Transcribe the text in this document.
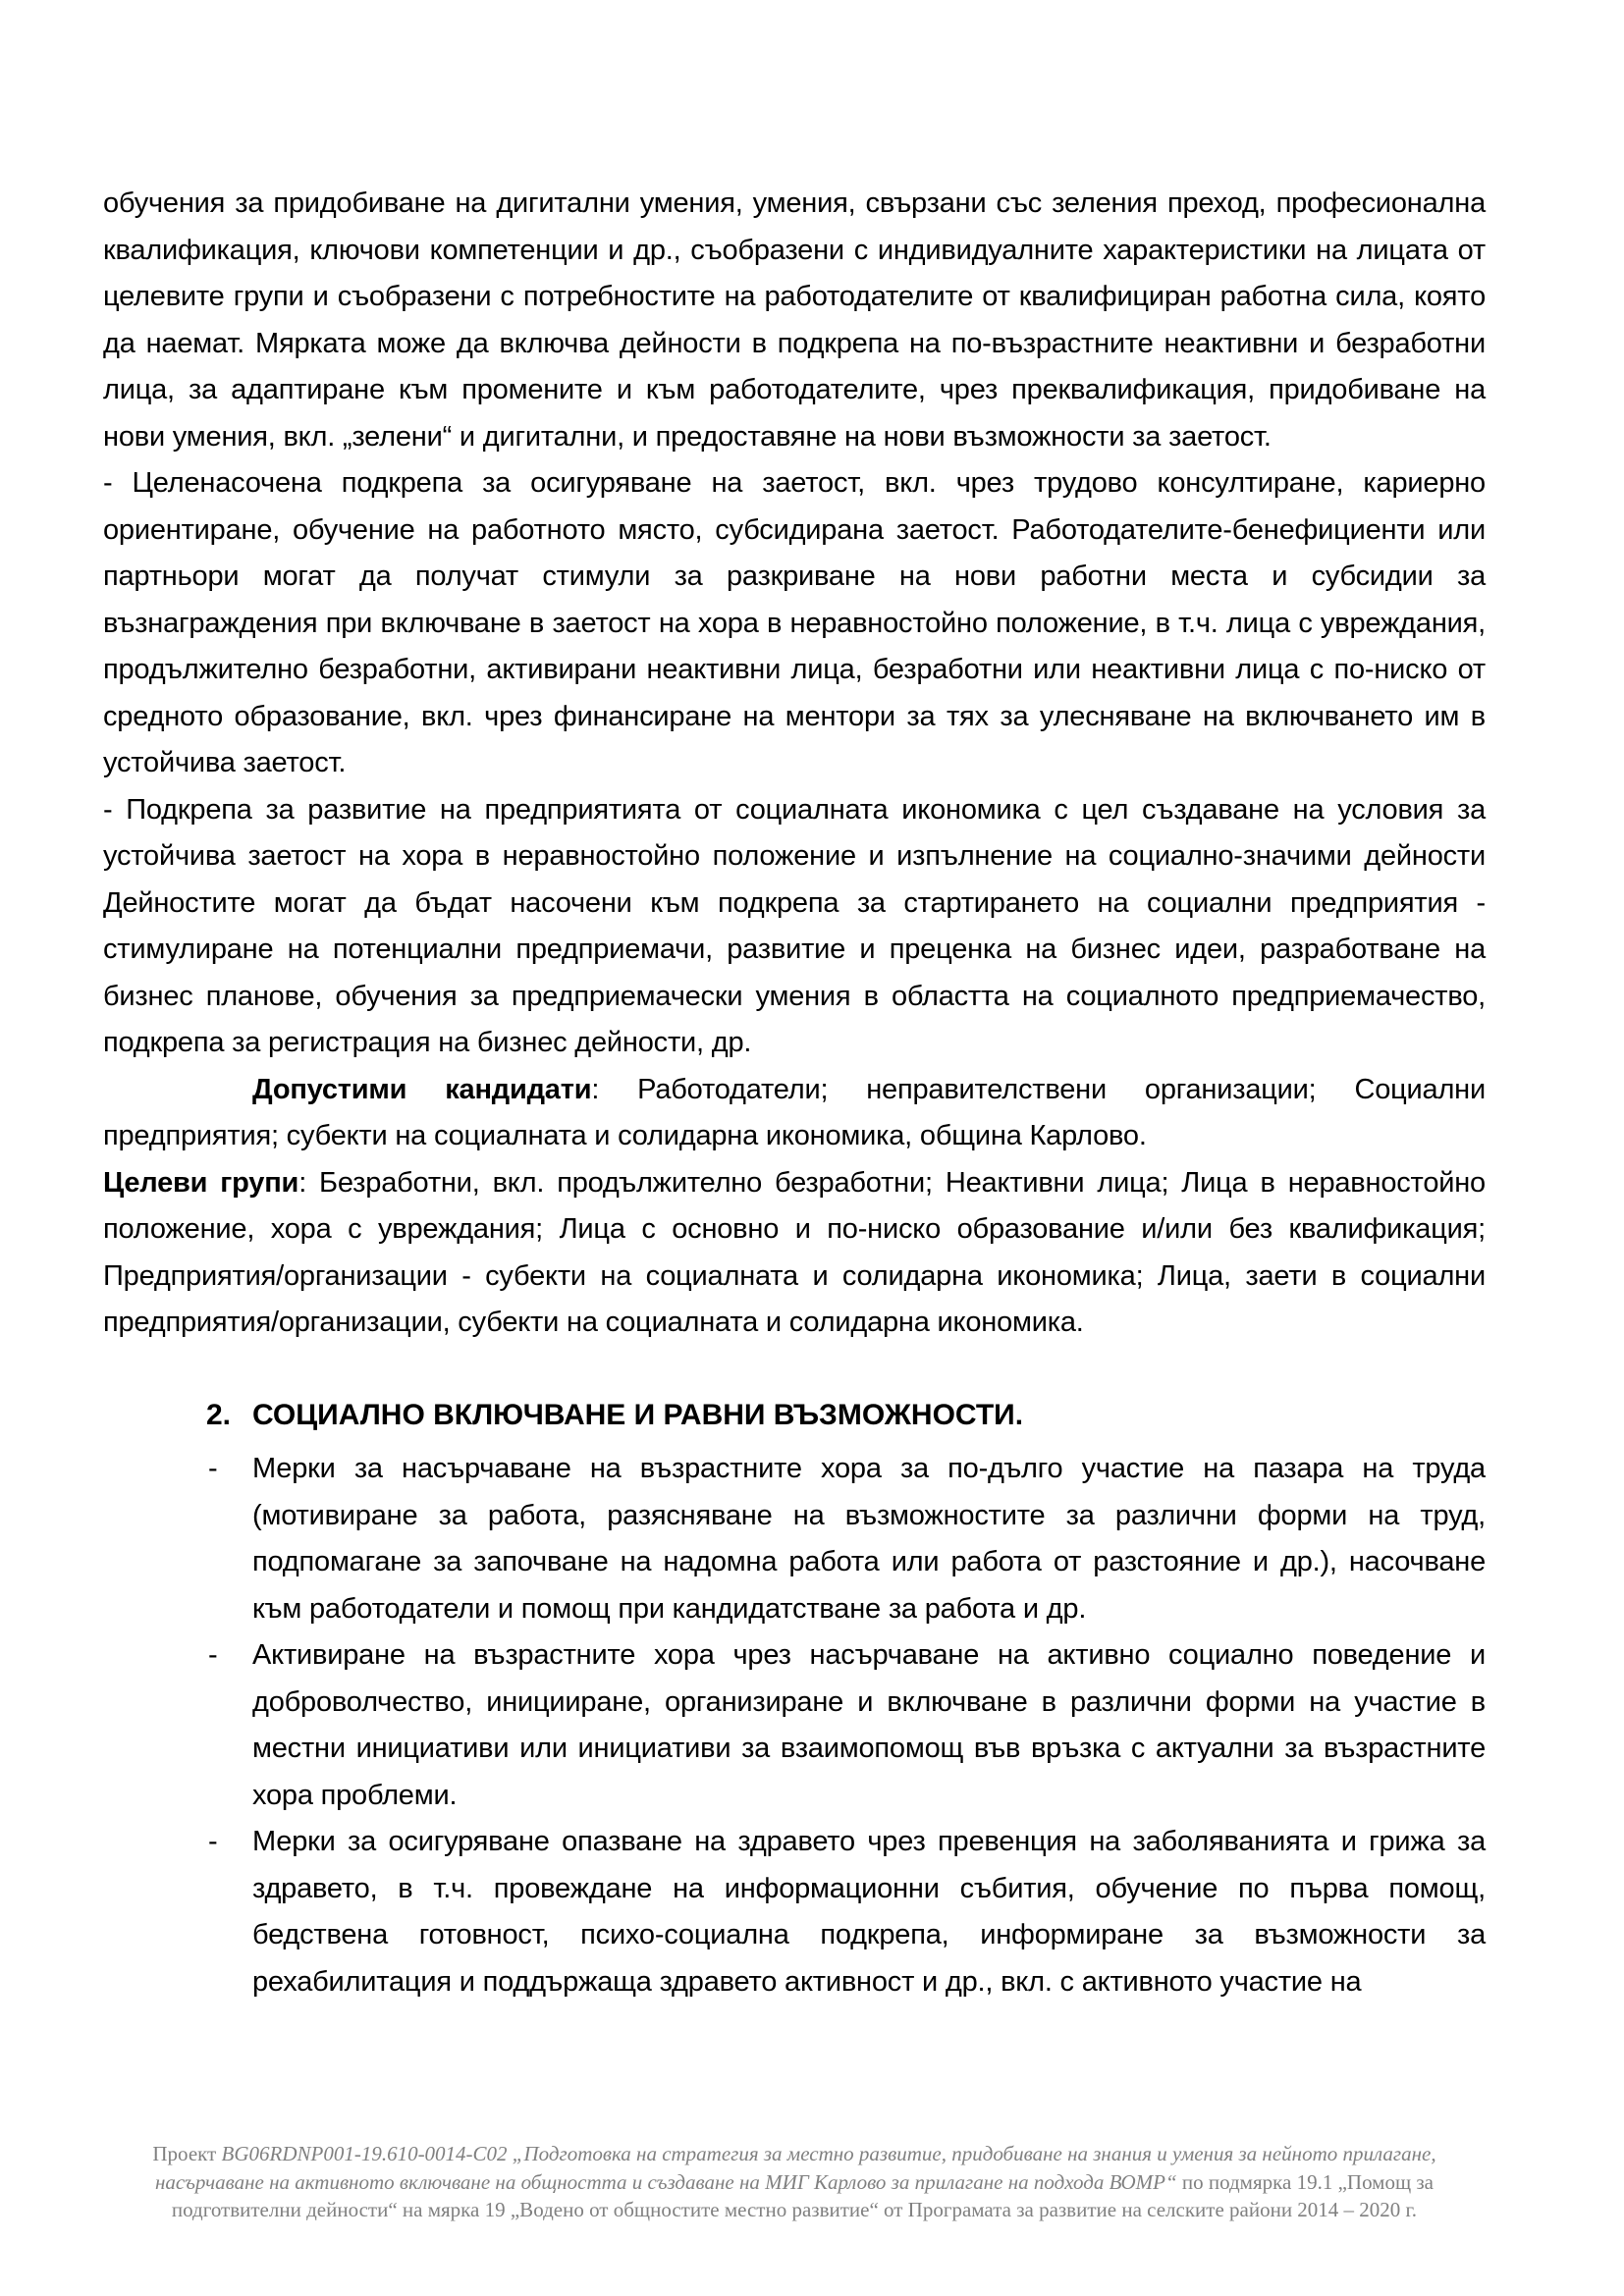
обучения за придобиване на дигитални умения, умения, свързани със зеления преход, професионална квалификация, ключови компетенции и др., съобразени с индивидуалните характеристики на лицата от целевите групи и съобразени с потребностите на работодателите от квалифициран работна сила, която да наемат. Мярката може да включва дейности в подкрепа на по-възрастните неактивни и безработни лица, за адаптиране към промените и към работодателите, чрез преквалификация, придобиване на нови умения, вкл. „зелени“ и дигитални, и предоставяне на нови възможности за заетост.

- Целенасочена подкрепа за осигуряване на заетост, вкл. чрез трудово консултиране, кариерно ориентиране, обучение на работното място, субсидирана заетост. Работодателите-бенефициенти или партньори могат да получат стимули за разкриване на нови работни места и субсидии за възнаграждения при включване в заетост на хора в неравностойно положение, в т.ч. лица с увреждания, продължително безработни, активирани неактивни лица, безработни или неактивни лица с по-ниско от средното образование, вкл. чрез финансиране на ментори за тях за улесняване на включването им в устойчива заетост.

- Подкрепа за развитие на предприятията от социалната икономика с цел създаване на условия за устойчива заетост на хора в неравностойно положение и изпълнение на социално-значими дейности Дейностите могат да бъдат насочени към подкрепа за стартирането на социални предприятия - стимулиране на потенциални предприемачи, развитие и преценка на бизнес идеи, разработване на бизнес планове, обучения за предприемачески умения в областта на социалното предприемачество, подкрепа за регистрация на бизнес дейности, др.

Допустими кандидати: Работодатели; неправителствени организации; Социални предприятия; субекти на социалната и солидарна икономика, община Карлово.

Целеви групи: Безработни, вкл. продължително безработни; Неактивни лица; Лица в неравностойно положение, хора с увреждания; Лица с основно и по-ниско образование и/или без квалификация; Предприятия/организации - субекти на социалната и солидарна икономика; Лица, заети в социални предприятия/организации, субекти на социалната и солидарна икономика.

2. СОЦИАЛНО ВКЛЮЧВАНЕ И РАВНИ ВЪЗМОЖНОСТИ.
- Мерки за насърчаване на възрастните хора за по-дълго участие на пазара на труда (мотивиране за работа, разясняване на възможностите за различни форми на труд, подпомагане за започване на надомна работа или работа от разстояние и др.), насочване към работодатели и помощ при кандидатстване за работа и др.
- Активиране на възрастните хора чрез насърчаване на активно социално поведение и доброволчество, иницииране, организиране и включване в различни форми на участие в местни инициативи или инициативи за взаимопомощ във връзка с актуални за възрастните хора проблеми.
- Мерки за осигуряване опазване на здравето чрез превенция на заболяванията и грижа за здравето, в т.ч. провеждане на информационни събития, обучение по първа помощ, бедствена готовност, психо-социална подкрепа, информиране за възможности за рехабилитация и поддържаща здравето активност и др., вкл. с активното участие на
Проект BG06RDNP001-19.610-0014-C02 „Подготовка на стратегия за местно развитие, придобиване на знания и умения за нейното прилагане, насърчаване на активното включване на общността и създаване на МИГ Карлово за прилагане на подхода ВОМР“ по подмярка 19.1 „Помощ за подготвителни дейности“ на мярка 19 „Водено от общностите местно развитие“ от Програмата за развитие на селските райони 2014 – 2020 г.
